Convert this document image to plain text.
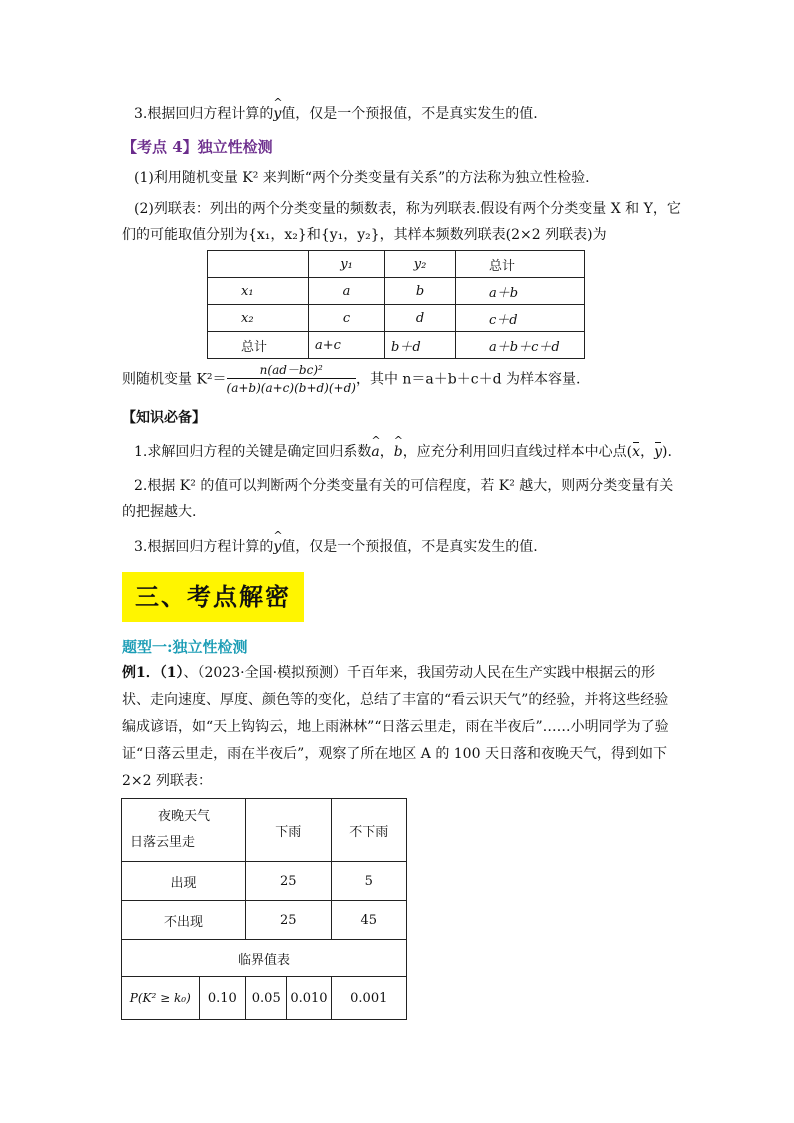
3.根据回归方程计算的^ y值，仅是一个预报值，不是真实发生的值.
【考点 4】独立性检测
(1)利用随机变量 K² 来判断“两个分类变量有关系”的方法称为独立性检验.
(2)列联表：列出的两个分类变量的频数表，称为列联表.假设有两个分类变量 X 和 Y，它
们的可能取值分别为{x₁，x₂}和{y₁，y₂}，其样本频数列联表(2×2 列联表)为
	y₁	y₂	总计
x₁	a	b	a＋b
x₂	c	d	c＋d
总计	a+c	b＋d	a＋b＋c＋d
则随机变量 $K^2= \frac{\text{n(ad－bc)²}}{(a+b)(a+c)(b+d)(+d)}$ ，其中 n＝a＋b＋c＋d 为样本容量.
【知识必备】
1.求解回归方程的关键是确定回归系数^ a，^ b，应充分利用回归直线过样本中心点(x，y).
2.根据 K² 的值可以判断两个分类变量有关的可信程度，若 K² 越大，则两分类变量有关
的把握越大.
3.根据回归方程计算的^ y值，仅是一个预报值，不是真实发生的值.
三、考点解密
题型一:独立性检测
例1．（1）、（2023·全国·模拟预测）千百年来，我国劳动人民在生产实践中根据云的形
状、走向速度、厚度、颜色等的变化，总结了丰富的“看云识天气”的经验，并将这些经验
编成谚语，如“天上钩钩云，地上雨淋林”“日落云里走，雨在半夜后”……小明同学为了验
证“日落云里走，雨在半夜后”，观察了所在地区 A 的 100 天日落和夜晚天气，得到如下
2×2 列联表：
夜晚天气
日落云里走		下雨		不下雨
出现		25		5
不出现		25		45
临界值表				
P(K² ≥ k₀)	0.10	0.05	0.010	0.001
